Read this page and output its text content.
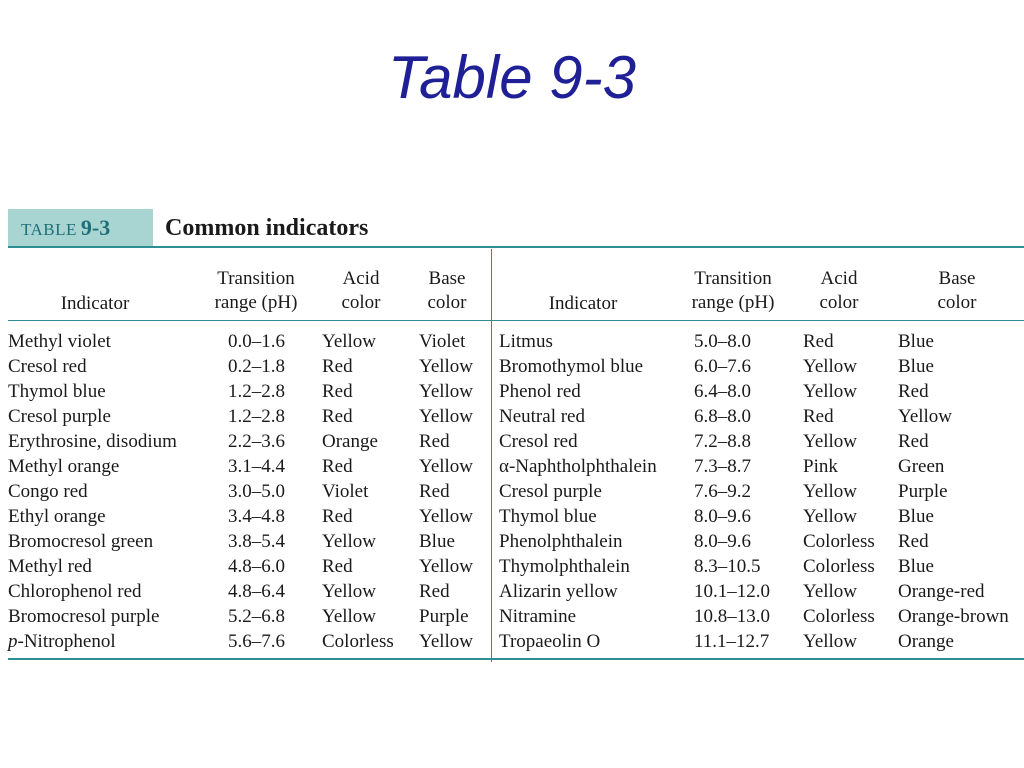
Table 9-3
TABLE 9-3 Common indicators
Indicator
Transition
range (pH)
Acid
color
Base
color	Indicator
Transition
range (pH)
Acid
color
Base
color
Methyl violet
Cresol red
Thymol blue
Cresol purple
Erythrosine, disodium
Methyl orange
Congo red
Ethyl orange
Bromocresol green
Methyl red
Chlorophenol red
Bromocresol purple
p-Nitrophenol
0.0–1.6
0.2–1.8
1.2–2.8
1.2–2.8
2.2–3.6
3.1–4.4
3.0–5.0
3.4–4.8
3.8–5.4
4.8–6.0
4.8–6.4
5.2–6.8
5.6–7.6
Yellow
Red
Red
Red
Orange
Red
Violet
Red
Yellow
Red
Yellow
Yellow
Colorless
Violet
Yellow
Yellow
Yellow
Red
Yellow
Red
Yellow
Blue
Yellow
Red
Purple
Yellow
Litmus
Bromothymol blue
Phenol red
Neutral red
Cresol red
α-Naphtholphthalein
Cresol purple
Thymol blue
Phenolphthalein
Thymolphthalein
Alizarin yellow
Nitramine
Tropaeolin O
5.0–8.0
6.0–7.6
6.4–8.0
6.8–8.0
7.2–8.8
7.3–8.7
7.6–9.2
8.0–9.6
8.0–9.6
8.3–10.5
10.1–12.0
10.8–13.0
11.1–12.7
Red
Yellow
Yellow
Red
Yellow
Pink
Yellow
Yellow
Colorless
Colorless
Yellow
Colorless
Yellow
Blue
Blue
Red
Yellow
Red
Green
Purple
Blue
Red
Blue
Orange-red
Orange-brown
Orange
